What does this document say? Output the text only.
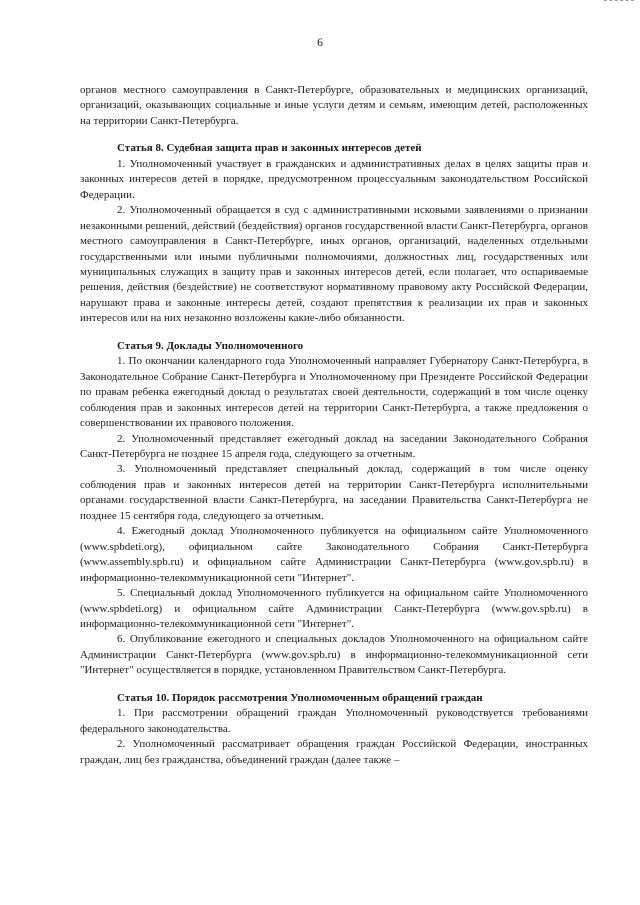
6

органов местного самоуправления в Санкт-Петербурге, образовательных и медицинских организаций, организаций, оказывающих социальные и иные услуги детям и семьям, имеющим детей, расположенных на территории Санкт-Петербурга.

Статья 8. Судебная защита прав и законных интересов детей

1. Уполномоченный участвует в гражданских и административных делах в целях защиты прав и законных интересов детей в порядке, предусмотренном процессуальным законодательством Российской Федерации.

2. Уполномоченный обращается в суд с административными исковыми заявлениями о признании незаконными решений, действий (бездействия) органов государственной власти Санкт-Петербурга, органов местного самоуправления в Санкт-Петербурге, иных органов, организаций, наделенных отдельными государственными или иными публичными полномочиями, должностных лиц, государственных или муниципальных служащих в защиту прав и законных интересов детей, если полагает, что оспариваемые решения, действия (бездействие) не соответствуют нормативному правовому акту Российской Федерации, нарушают права и законные интересы детей, создают препятствия к реализации их прав и законных интересов или на них незаконно возложены какие-либо обязанности.

Статья 9. Доклады Уполномоченного

1. По окончании календарного года Уполномоченный направляет Губернатору Санкт-Петербурга, в Законодательное Собрание Санкт-Петербурга и Уполномоченному при Президенте Российской Федерации по правам ребенка ежегодный доклад о результатах своей деятельности, содержащий в том числе оценку соблюдения прав и законных интересов детей на территории Санкт-Петербурга, а также предложения о совершенствовании их правового положения.

2. Уполномоченный представляет ежегодный доклад на заседании Законодательного Собрания Санкт-Петербурга не позднее 15 апреля года, следующего за отчетным.

3. Уполномоченный представляет специальный доклад, содержащий в том числе оценку соблюдения прав и законных интересов детей на территории Санкт-Петербурга исполнительными органами государственной власти Санкт-Петербурга, на заседании Правительства Санкт-Петербурга не позднее 15 сентября года, следующего за отчетным.

4. Ежегодный доклад Уполномоченного публикуется на официальном сайте Уполномоченного (www.spbdeti.org), официальном сайте Законодательного Собрания Санкт-Петербурга (www.assembly.spb.ru) и официальном сайте Администрации Санкт-Петербурга (www.gov.spb.ru) в информационно-телекоммуникационной сети "Интернет".

5. Специальный доклад Уполномоченного публикуется на официальном сайте Уполномоченного (www.spbdeti.org) и официальном сайте Администрации Санкт-Петербурга (www.gov.spb.ru) в информационно-телекоммуникационной сети "Интернет".

6. Опубликование ежегодного и специальных докладов Уполномоченного на официальном сайте Администрации Санкт-Петербурга (www.gov.spb.ru) в информационно-телекоммуникационной сети "Интернет" осуществляется в порядке, установленном Правительством Санкт-Петербурга.

Статья 10. Порядок рассмотрения Уполномоченным обращений граждан

1. При рассмотрении обращений граждан Уполномоченный руководствуется требованиями федерального законодательства.

2. Уполномоченный рассматривает обращения граждан Российской Федерации, иностранных граждан, лиц без гражданства, объединений граждан (далее также –
